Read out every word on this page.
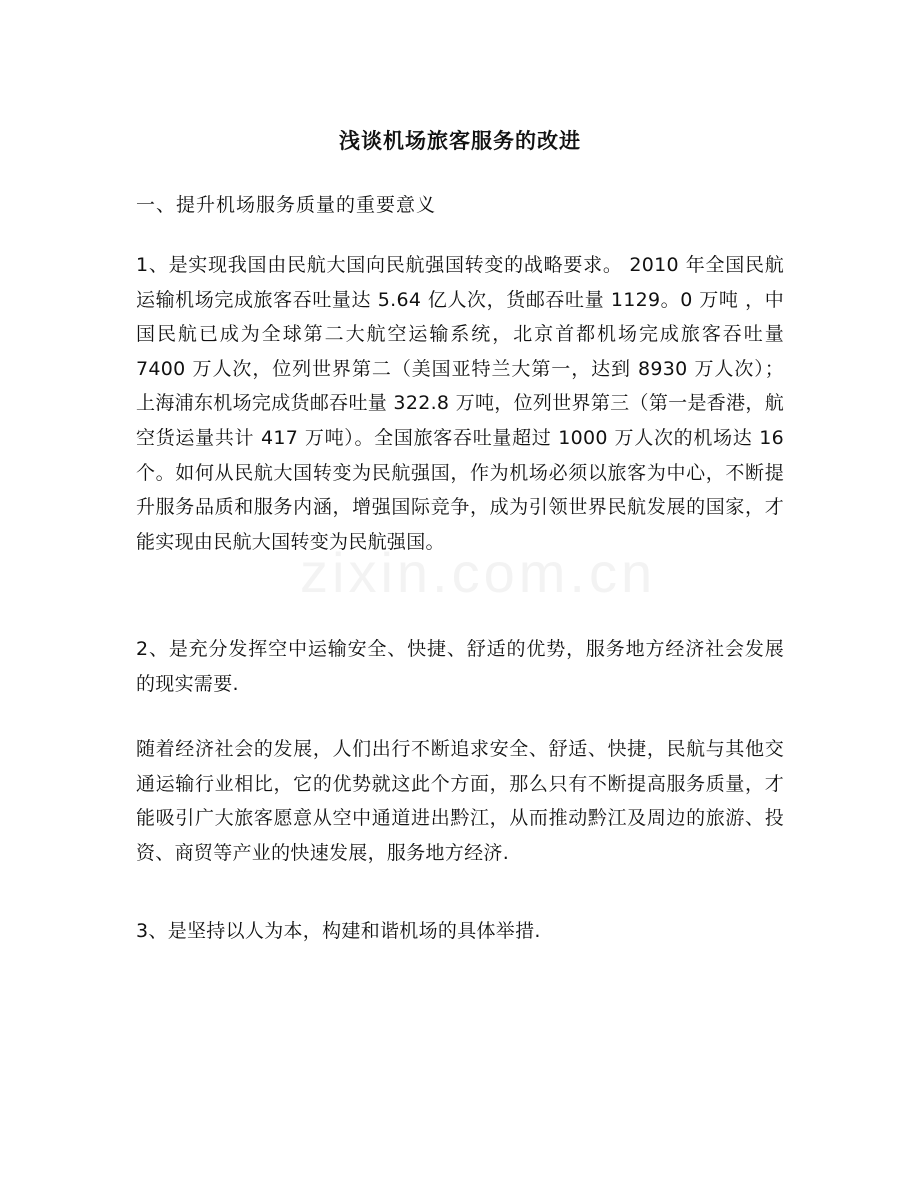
浅谈机场旅客服务的改进
一、提升机场服务质量的重要意义

1、是实现我国由民航大国向民航强国转变的战略要求。 2010 年全国民航运输机场完成旅客吞吐量达 5.64 亿人次，货邮吞吐量 1129。0 万吨 ，中国民航已成为全球第二大航空运输系统，北京首都机场完成旅客吞吐量 7400 万人次，位列世界第二（美国亚特兰大第一，达到 8930 万人次）；上海浦东机场完成货邮吞吐量 322.8 万吨，位列世界第三（第一是香港，航空货运量共计 417 万吨）。全国旅客吞吐量超过 1000 万人次的机场达 16 个。如何从民航大国转变为民航强国，作为机场必须以旅客为中心，不断提升服务品质和服务内涵，增强国际竞争，成为引领世界民航发展的国家，才能实现由民航大国转变为民航强国。

2、是充分发挥空中运输安全、快捷、舒适的优势，服务地方经济社会发展的现实需要.

随着经济社会的发展，人们出行不断追求安全、舒适、快捷，民航与其他交通运输行业相比，它的优势就这此个方面，那么只有不断提高服务质量，才能吸引广大旅客愿意从空中通道进出黔江，从而推动黔江及周边的旅游、投资、商贸等产业的快速发展，服务地方经济.

3、是坚持以人为本，构建和谐机场的具体举措.

zixin.com.cn
